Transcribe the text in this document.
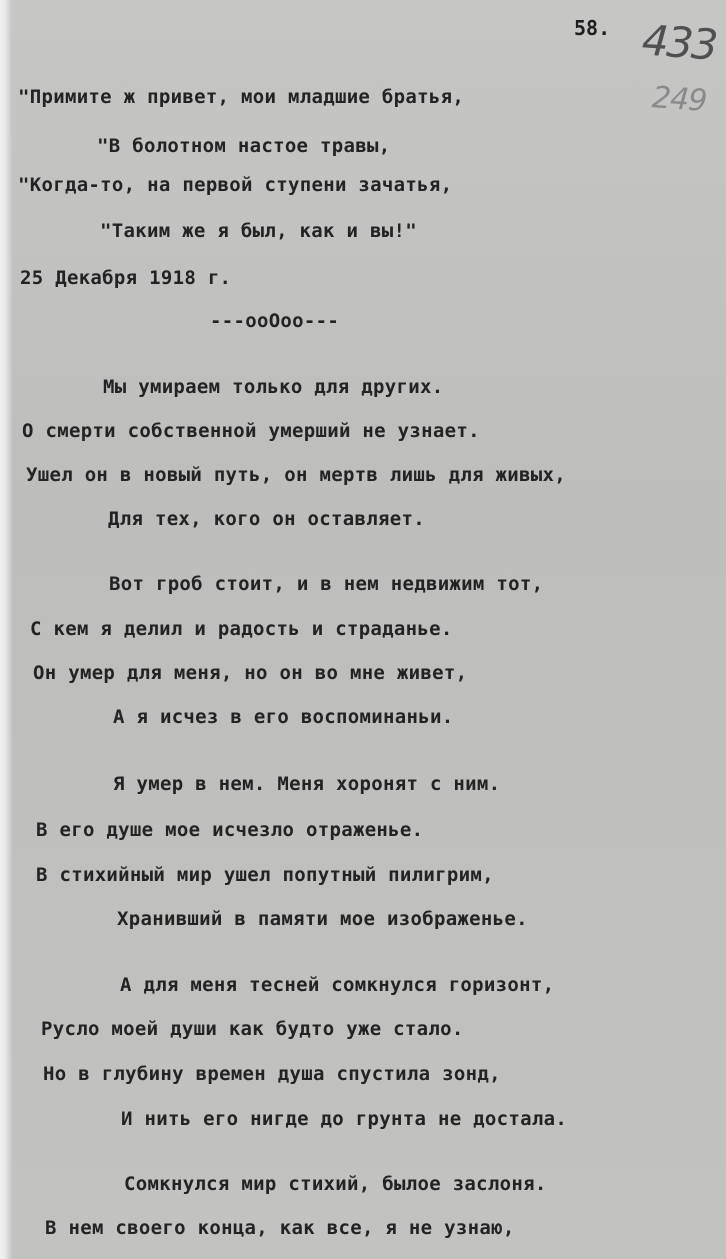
58. 433
249
"Примите ж привет, мои младшие братья,
"В болотном настое травы,
"Когда-то, на первой ступени зачатья,
"Таким же я был, как и вы!"
25 Декабря 1918 г.
---ooOoo---
Мы умираем только для других.
О смерти собственной умерший не узнает.
Ушел он в новый путь, он мертв лишь для живых,
Для тех, кого он оставляет.
Вот гроб стоит, и в нем недвижим тот,
С кем я делил и радость и страданье.
Он умер для меня, но он во мне живет,
А я исчез в его воспоминаньи.
Я умер в нем. Меня хоронят с ним.
В его душе мое исчезло отраженье.
В стихийный мир ушел попутный пилигрим,
Хранивший в памяти мое изображенье.
А для меня тесней сомкнулся горизонт,
Русло моей души как будто уже стало.
Но в глубину времен душа спустила зонд,
И нить его нигде до грунта не достала.
Сомкнулся мир стихий, былое заслоня.
В нем своего конца, как все, я не узнаю,
